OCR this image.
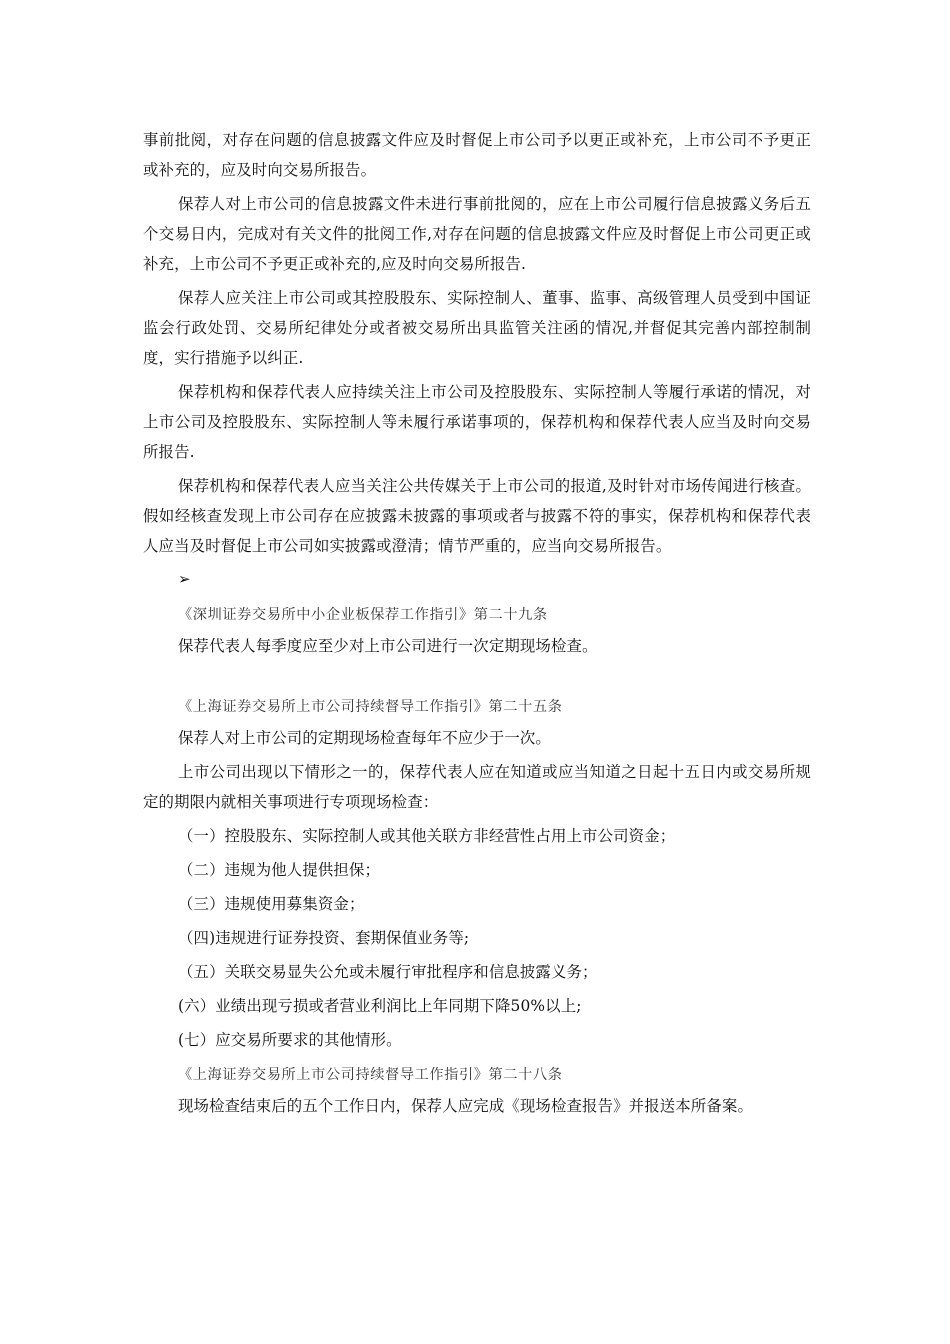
事前批阅，对存在问题的信息披露文件应及时督促上市公司予以更正或补充，上市公司不予更正或补充的，应及时向交易所报告。

保荐人对上市公司的信息披露文件未进行事前批阅的，应在上市公司履行信息披露义务后五个交易日内，完成对有关文件的批阅工作,对存在问题的信息披露文件应及时督促上市公司更正或补充，上市公司不予更正或补充的,应及时向交易所报告.

保荐人应关注上市公司或其控股股东、实际控制人、董事、监事、高级管理人员受到中国证监会行政处罚、交易所纪律处分或者被交易所出具监管关注函的情况,并督促其完善内部控制制度，实行措施予以纠正.

保荐机构和保荐代表人应持续关注上市公司及控股股东、实际控制人等履行承诺的情况，对上市公司及控股股东、实际控制人等未履行承诺事项的，保荐机构和保荐代表人应当及时向交易所报告.

保荐机构和保荐代表人应当关注公共传媒关于上市公司的报道,及时针对市场传闻进行核查。假如经核查发现上市公司存在应披露未披露的事项或者与披露不符的事实，保荐机构和保荐代表人应当及时督促上市公司如实披露或澄清；情节严重的，应当向交易所报告。

➢
《深圳证券交易所中小企业板保荐工作指引》第二十九条

保荐代表人每季度应至少对上市公司进行一次定期现场检查。

《上海证券交易所上市公司持续督导工作指引》第二十五条

保荐人对上市公司的定期现场检查每年不应少于一次。

上市公司出现以下情形之一的，保荐代表人应在知道或应当知道之日起十五日内或交易所规定的期限内就相关事项进行专项现场检查：

（一）控股股东、实际控制人或其他关联方非经营性占用上市公司资金；
（二）违规为他人提供担保；
（三）违规使用募集资金；
（四)违规进行证券投资、套期保值业务等;
（五）关联交易显失公允或未履行审批程序和信息披露义务；
(六）业绩出现亏损或者营业利润比上年同期下降50%以上;
(七）应交易所要求的其他情形。
《上海证券交易所上市公司持续督导工作指引》第二十八条

现场检查结束后的五个工作日内，保荐人应完成《现场检查报告》并报送本所备案。
